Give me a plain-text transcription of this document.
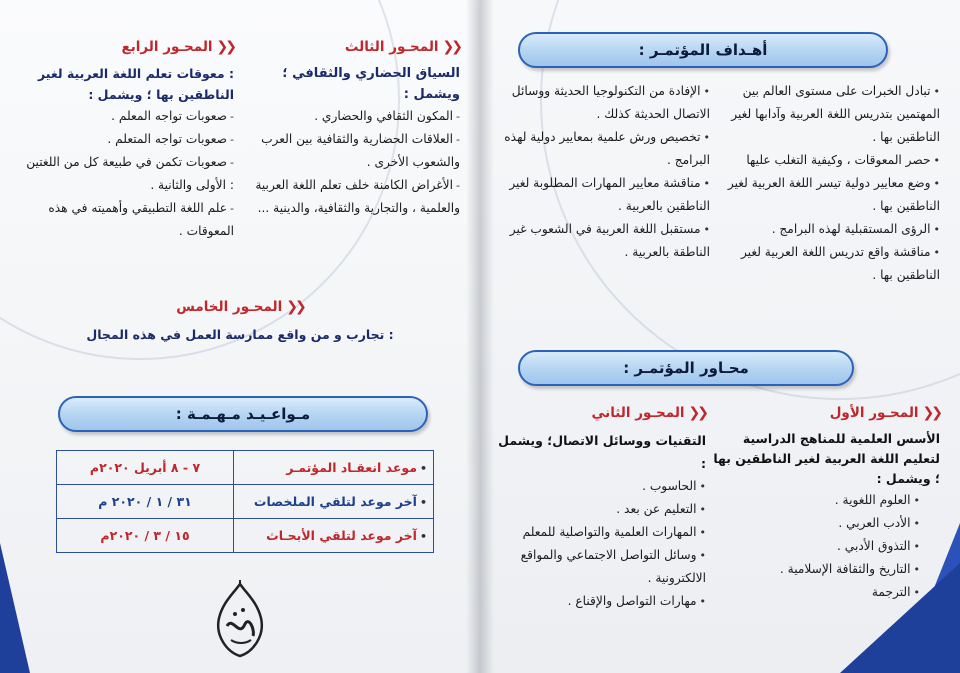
أهـداف المؤتمـر :
•تبادل الخبرات على مستوى العالم بين المهتمين بتدريس اللغة العربية وآدابها لغير الناطقين بها .
•حصر المعوقات ، وكيفية التغلب عليها
•وضع معايير دولية تيسر اللغة العربية لغير الناطقين بها .
•الرؤى المستقبلية لهذه البرامج .
•مناقشة واقع تدريس اللغة العربية لغير الناطقين بها .
•الإفادة من التكنولوجيا الحديثة ووسائل الاتصال الحديثة كذلك .
•تخصيص ورش علمية بمعايير دولية لهذه البرامج .
•مناقشة معايير المهارات المطلوبة لغير الناطقين بالعربية .
•مستقبل اللغة العربية في الشعوب غير الناطقة بالعربية .
محـاور المؤتمـر :
❮❮
المحـور الأول
الأسس العلمية للمناهج الدراسية لتعليم اللغة العربية لغير الناطقين بها ؛ ويشمل :
•العلوم اللغوية .
•الأدب العربي .
•التذوق الأدبي .
•التاريخ والثقافة الإسلامية .
•الترجمة
❮❮
المحـور الثاني
التقنيات ووسائل الاتصال؛ ويشمل :
•الحاسوب .
•التعليم عن بعد .
•المهارات العلمية والتواصلية للمعلم
•وسائل التواصل الاجتماعي والمواقع الالكترونية .
•مهارات التواصل والإقناع .
❮❮
المحـور الثالث
السياق الحضاري والثقافي ؛ ويشمل :
-المكون الثقافي والحضاري .
-العلاقات الحضارية والثقافية بين العرب والشعوب الأخرى .
-الأغراض الكامنة خلف تعلم اللغة العربية والعلمية ، والتجارية والثقافية، والدينية ...
❮❮
المحـور الرابع
: معوقات تعلم اللغة العربية لغير الناطقين بها ؛ ويشمل :
-صعوبات تواجه المعلم .
-صعوبات تواجه المتعلم .
-صعوبات تكمن في طبيعة كل من اللغتين : الأولى والثانية .
-علم اللغة التطبيقي وأهميته في هذه المعوقات .
❮❮
المحـور الخامس
: تجارب و من واقع ممارسة العمل في هذه المجال
مـواعـيـد مـهـمـة :
•موعد انعقـاد المؤتمـر	٧ - ٨ أبريل ٢٠٢٠م
•آخر موعد لتلقي الملخصات	٣١ / ١ / ٢٠٢٠ م
•آخر موعد لتلقي الأبحـاث	١٥ / ٣ / ٢٠٢٠م
